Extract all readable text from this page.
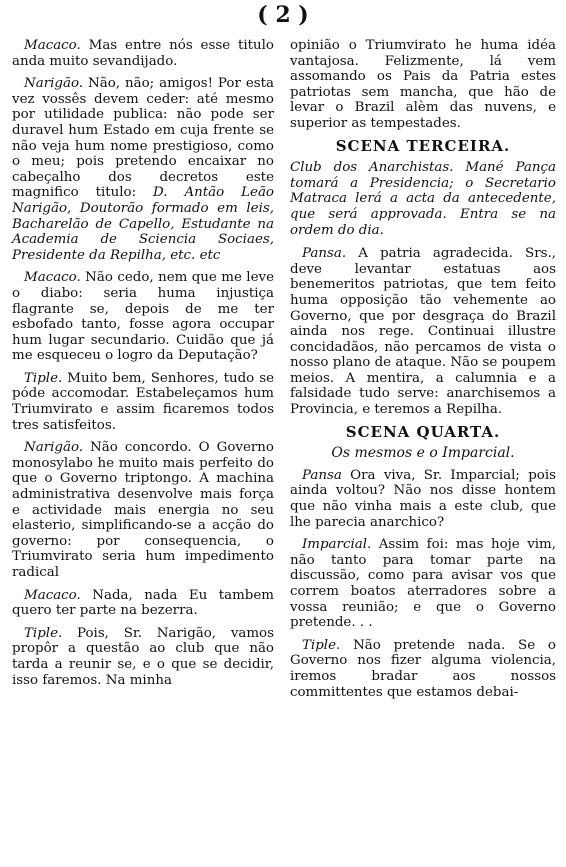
( 2 )

Macaco. Mas entre nós esse titulo anda muito sevandijado.

Narigão. Não, não; amigos! Por esta vez vossês devem ceder: até mesmo por utilidade publica: não pode ser duravel hum Estado em cuja frente se não veja hum nome prestigioso, como o meu; pois pretendo encaixar no cabeçalho dos decretos este magnifico titulo: D. Antão Leão Narigão, Doutorão formado em leis, Bacharelão de Capello, Estudante na Academia de Sciencia Sociaes, Presidente da Repilha, etc. etc

Macaco. Não cedo, nem que me leve o diabo: seria huma injustiça flagrante se, depois de me ter esbofado tanto, fosse agora occupar hum lugar secundario. Cuidão que já me esqueceu o logro da Deputação?

Tiple. Muito bem, Senhores, tudo se póde accomodar. Estabeleçamos hum Triumvirato e assim ficaremos todos tres satisfeitos.

Narigão. Não concordo. O Governo monosylabo he muito mais perfeito do que o Governo triptongo. A machina administrativa desenvolve mais força e actividade mais energia no seu elasterio, simplificando-se a acção do governo: por consequencia, o Triumvirato seria hum impedimento radical

Macaco. Nada, nada Eu tambem quero ter parte na bezerra.

Tiple. Pois, Sr. Narigão, vamos propôr a questão ao club que não tarda a reunir se, e o que se decidir, isso faremos. Na minha

opinião o Triumvirato he huma idéa vantajosa. Felizmente, lá vem assomando os Pais da Patria estes patriotas sem mancha, que hão de levar o Brazil alèm das nuvens, e superior as tempestades.

SCENA TERCEIRA.
Club dos Anarchistas. Mané Pança tomará a Presidencia; o Secretario Matraca lerá a acta da antecedente, que será approvada. Entra se na ordem do dia.

Pansa. A patria agradecida. Srs., deve levantar estatuas aos benemeritos patriotas, que tem feito huma opposição tão vehemente ao Governo, que por desgraça do Brazil ainda nos rege. Continuai illustre concidadãos, não percamos de vista o nosso plano de ataque. Não se poupem meios. A mentira, a calumnia e a falsidade tudo serve: anarchisemos a Provincia, e teremos a Repilha.

SCENA QUARTA.
Os mesmos e o Imparcial.

Pansa Ora viva, Sr. Imparcial; pois ainda voltou? Não nos disse hontem que não vinha mais a este club, que lhe parecia anarchico?

Imparcial. Assim foi: mas hoje vim, não tanto para tomar parte na discussão, como para avisar vos que correm boatos aterradores sobre a vossa reunião; e que o Governo pretende. . .

Tiple. Não pretende nada. Se o Governo nos fizer alguma violencia, iremos bradar aos nossos committentes que estamos debai-
